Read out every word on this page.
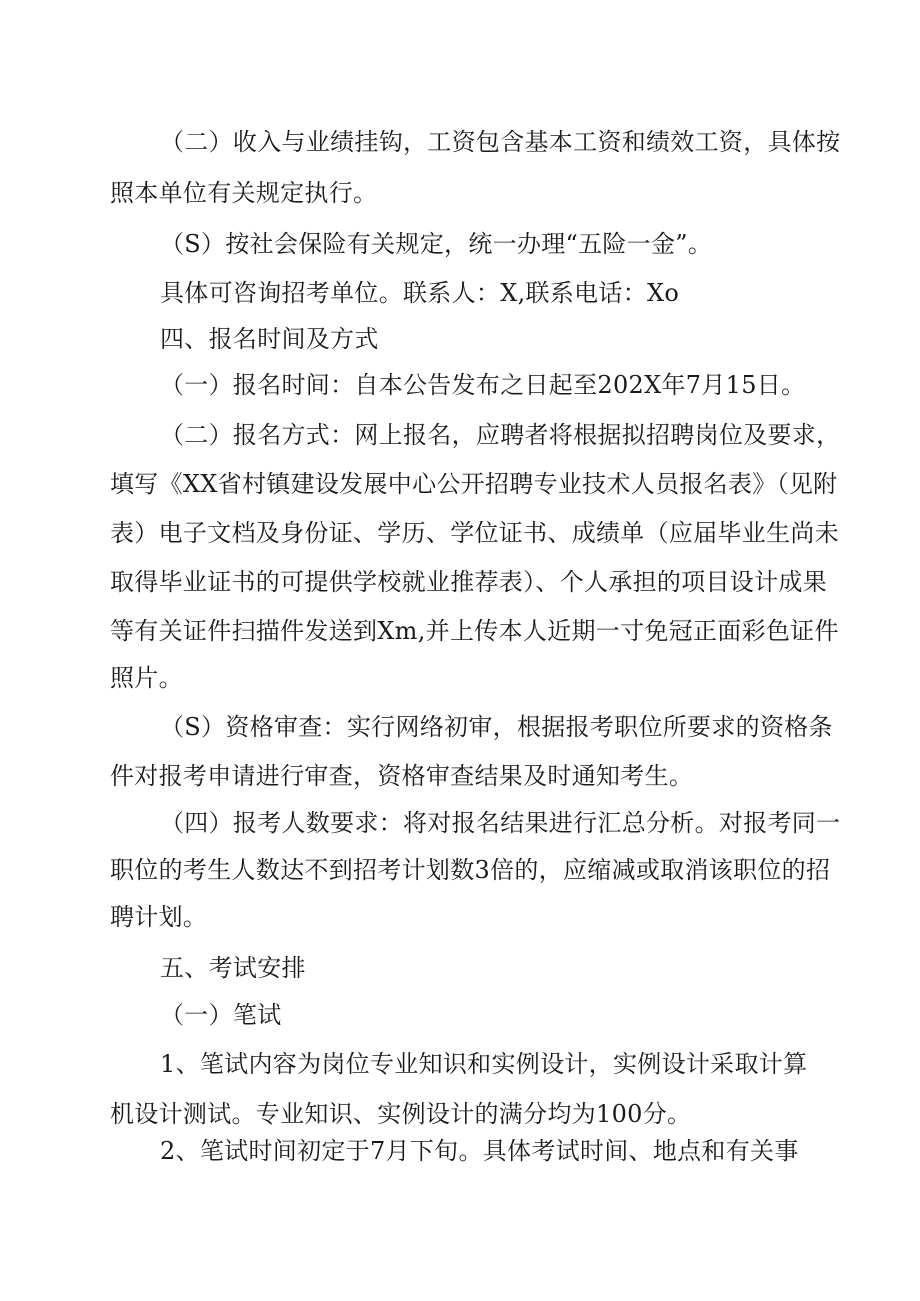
（二）收入与业绩挂钩，工资包含基本工资和绩效工资，具体按
照本单位有关规定执行。
（S）按社会保险有关规定，统一办理“五险一金”。
具体可咨询招考单位。联系人：X,联系电话：Xo
四、报名时间及方式
（一）报名时间：自本公告发布之日起至202X年7月15日。
（二）报名方式：网上报名，应聘者将根据拟招聘岗位及要求，
填写《XX省村镇建设发展中心公开招聘专业技术人员报名表》（见附
表）电子文档及身份证、学历、学位证书、成绩单（应届毕业生尚未
取得毕业证书的可提供学校就业推荐表）、个人承担的项目设计成果
等有关证件扫描件发送到Xm,并上传本人近期一寸免冠正面彩色证件
照片。
（S）资格审查：实行网络初审，根据报考职位所要求的资格条
件对报考申请进行审查，资格审查结果及时通知考生。
（四）报考人数要求：将对报名结果进行汇总分析。对报考同一
职位的考生人数达不到招考计划数3倍的，应缩减或取消该职位的招
聘计划。
五、考试安排
（一）笔试
1、笔试内容为岗位专业知识和实例设计，实例设计采取计算
机设计测试。专业知识、实例设计的满分均为100分。
2、笔试时间初定于7月下旬。具体考试时间、地点和有关事
